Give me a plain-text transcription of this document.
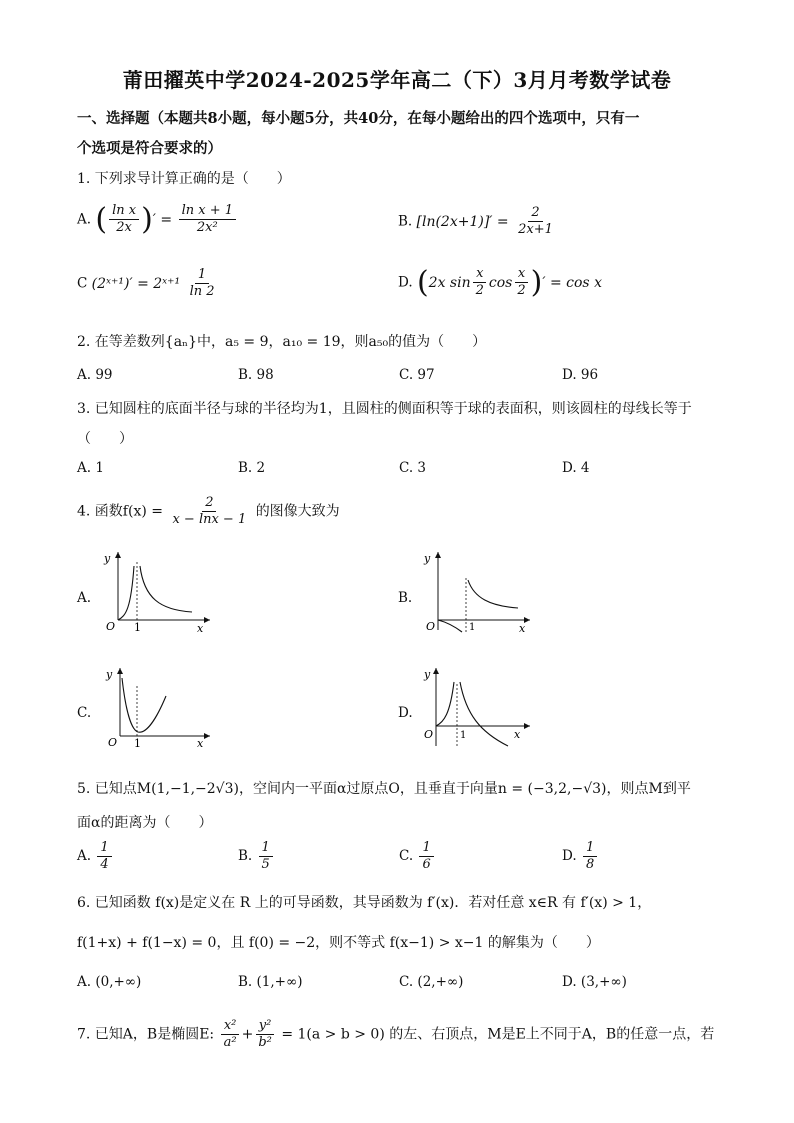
莆田擢英中学2024-2025学年高二（下）3月月考数学试卷
一、选择题（本题共8小题，每小题5分，共40分，在每小题给出的四个选项中，只有一
个选项是符合要求的）
1. 下列求导计算正确的是（　　）
A. ( $\frac{\text{ln x}}{2x}$ )′ = $\frac{\text{ln x + 1}}{\text{2x²}}$	B. $[\ln(2x+1)]' = \frac{2}{2x+1}$
C (2ˣ⁺¹)′ = 2ˣ⁺¹ $\frac{1}{\ln 2}$	D. (2x $\sin \frac{x}{2}$ $\cos \frac{x}{2}$ )′ = cos x
2. 在等差数列{aₙ}中，a₅ = 9，a₁₀ = 19，则a₅₀的值为（　　）
A. 99	B. 98	C. 97	D. 96
3. 已知圆柱的底面半径与球的半径均为1，且圆柱的侧面积等于球的表面积，则该圆柱的母线长等于
（　　）
A. 1	B. 2	C. 3	D. 4
4. 函数$f(x) = \frac{2}{x - \ln x - 1}$ 的图像大致为
A.	B.
C.	D.
y
O 1	x
y
O	1	x
y
O 1	x
y
O	1	x
5. 已知点M(1,−1,−2√3)，空间内一平面α过原点O，且垂直于向量n = (−3,2,−√3)，则点M到平
面α的距离为（　　）
A. $\frac{1}{4}$	B. $\frac{1}{5}$	C. $\frac{1}{6}$	D. $\frac{1}{8}$
6. 已知函数 f(x)是定义在 R 上的可导函数，其导函数为 f′(x)．若对任意 x∈R 有 f′(x) > 1，
f(1+x) + f(1−x) = 0，且 f(0) = −2，则不等式 f(x−1) > x−1 的解集为（　　）
A. (0,+∞)	B. (1,+∞)	C. (2,+∞)	D. (3,+∞)
7. 已知A，B是椭圆E: $\frac{\text{x²}}{\text{a²}} + \frac{\text{y²}}{\text{b²}} = 1(a > b > 0)$ 的左、右顶点，M是E上不同于A，B的任意一点，若
